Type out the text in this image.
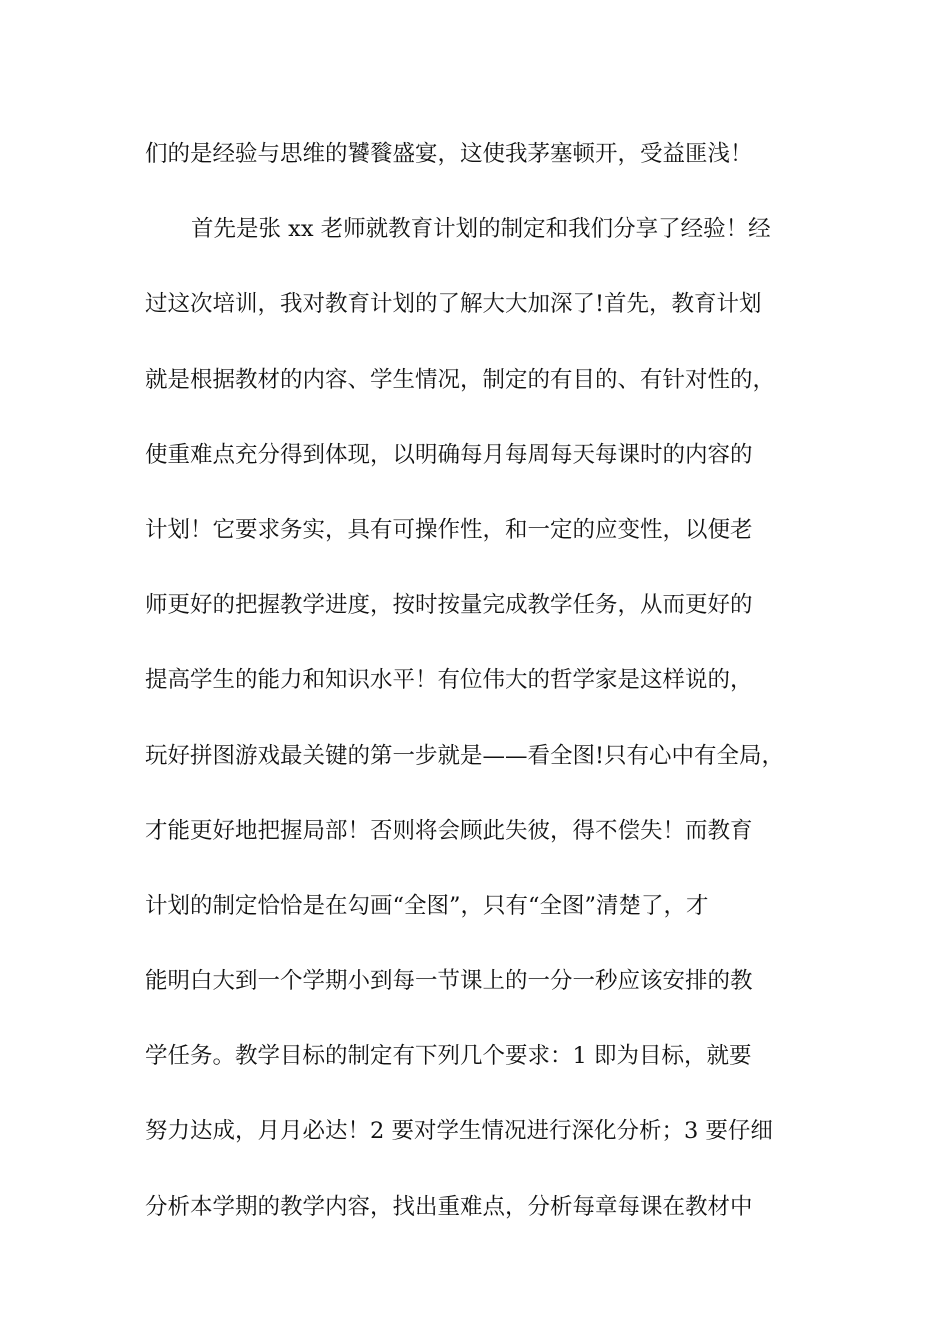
们的是经验与思维的饕餮盛宴，这使我茅塞顿开，受益匪浅！
首先是张 xx 老师就教育计划的制定和我们分享了经验！经
过这次培训，我对教育计划的了解大大加深了!首先，教育计划
就是根据教材的内容、学生情况，制定的有目的、有针对性的，
使重难点充分得到体现，以明确每月每周每天每课时的内容的
计划！它要求务实，具有可操作性，和一定的应变性，以便老
师更好的把握教学进度，按时按量完成教学任务，从而更好的
提高学生的能力和知识水平！有位伟大的哲学家是这样说的，
玩好拼图游戏最关键的第一步就是——看全图!只有心中有全局，
才能更好地把握局部！否则将会顾此失彼，得不偿失！而教育
计划的制定恰恰是在勾画“全图”，只有“全图”清楚了，才
能明白大到一个学期小到每一节课上的一分一秒应该安排的教
学任务。教学目标的制定有下列几个要求：1 即为目标，就要
努力达成，月月必达！2 要对学生情况进行深化分析；3 要仔细
分析本学期的教学内容，找出重难点，分析每章每课在教材中
